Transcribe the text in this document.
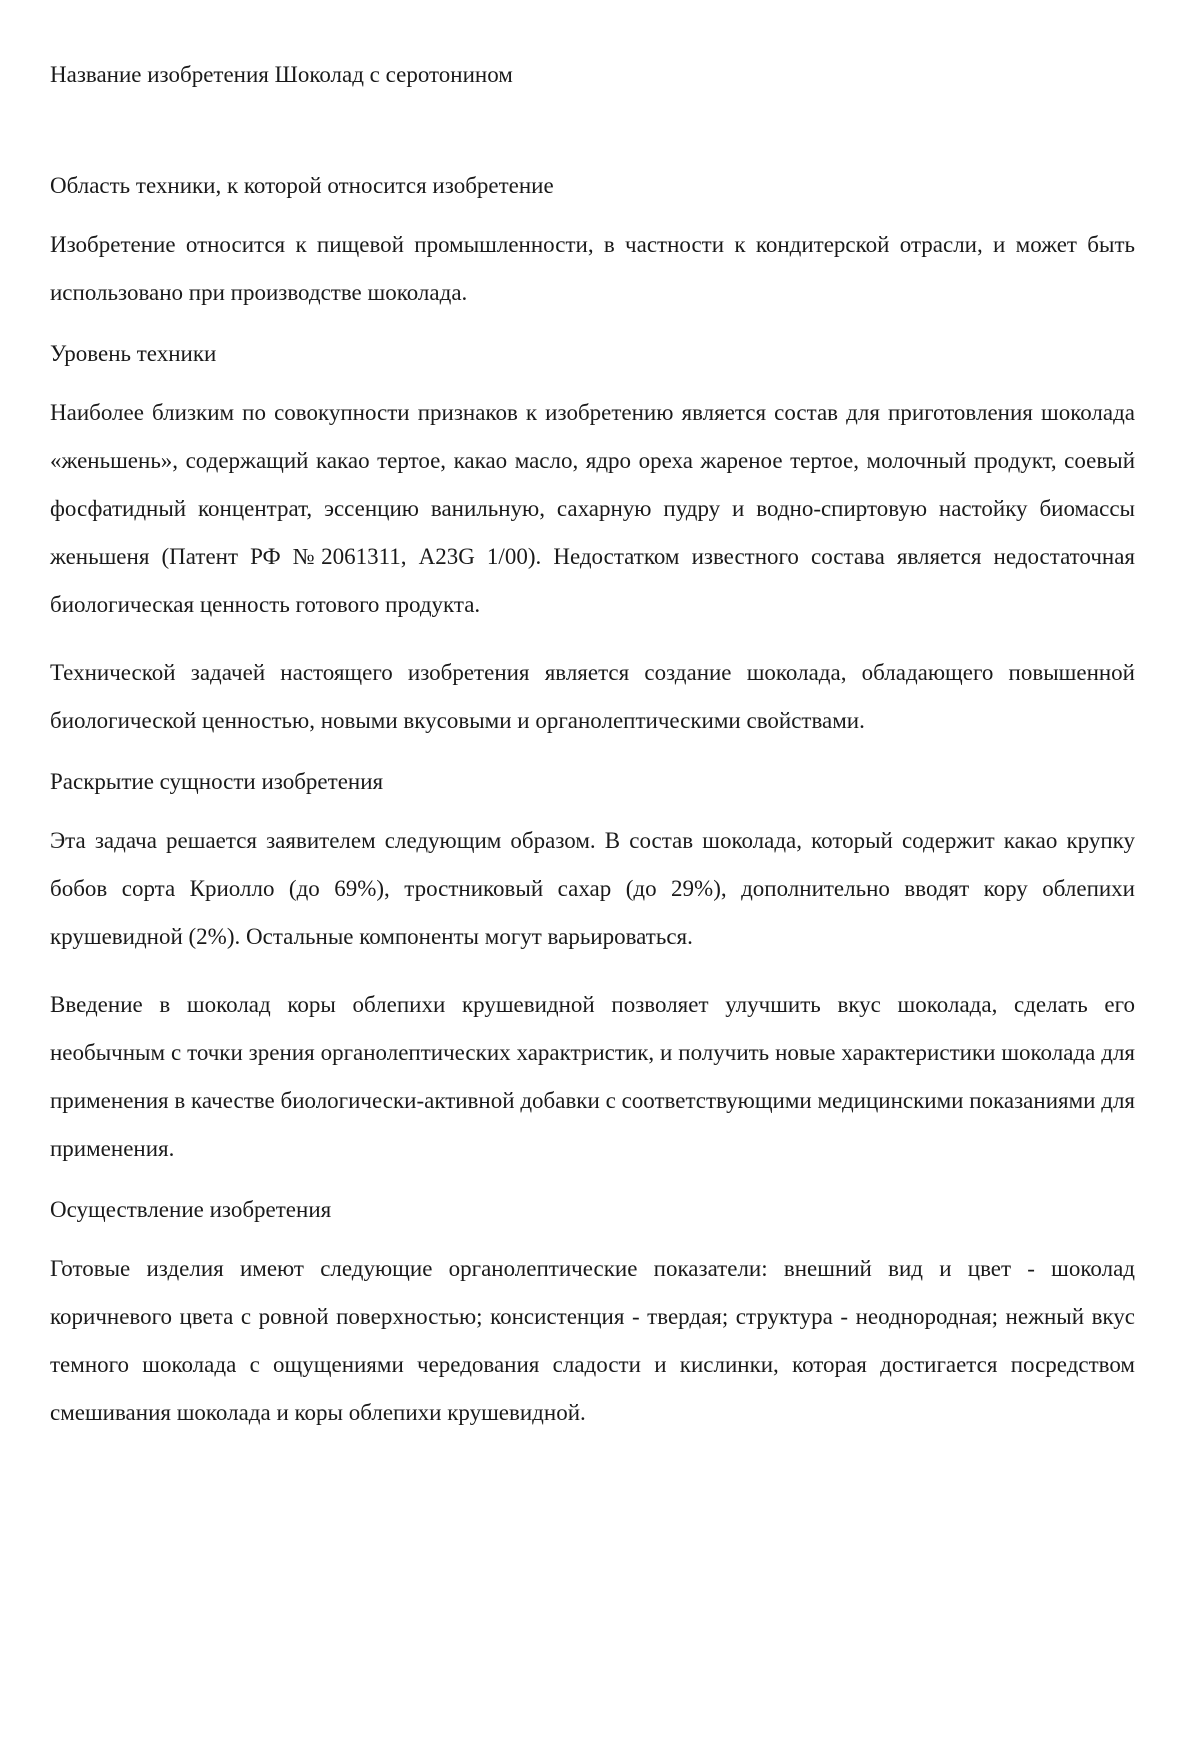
Название изобретения Шоколад с серотонином
Область техники, к которой относится изобретение

Изобретение относится к пищевой промышленности, в частности к кондитерской отрасли, и может быть использовано при производстве шоколада.

Уровень техники

Наиболее близким по совокупности признаков к изобретению является состав для приготовления шоколада «женьшень», содержащий какао тертое, какао масло, ядро ореха жареное тертое, молочный продукт, соевый фосфатидный концентрат, эссенцию ванильную, сахарную пудру и водно-спиртовую настойку биомассы женьшеня (Патент РФ №2061311, A23G 1/00). Недостатком известного состава является недостаточная биологическая ценность готового продукта.

Технической задачей настоящего изобретения является создание шоколада, обладающего повышенной биологической ценностью, новыми вкусовыми и органолептическими свойствами.

Раскрытие сущности изобретения

Эта задача решается заявителем следующим образом. В состав шоколада, который содержит какао крупку бобов сорта Криолло (до 69%), тростниковый сахар (до 29%), дополнительно вводят кору облепихи крушевидной (2%). Остальные компоненты могут варьироваться.

Введение в шоколад коры облепихи крушевидной позволяет улучшить вкус шоколада, сделать его необычным с точки зрения органолептических характристик, и получить новые характеристики шоколада для применения в качестве биологически-активной добавки с соответствующими медицинскими показаниями для применения.

Осуществление изобретения

Готовые изделия имеют следующие органолептические показатели: внешний вид и цвет - шоколад коричневого цвета с ровной поверхностью; консистенция - твердая; структура - неоднородная; нежный вкус темного шоколада с ощущениями чередования сладости и кислинки, которая достигается посредством смешивания шоколада и коры облепихи крушевидной.
